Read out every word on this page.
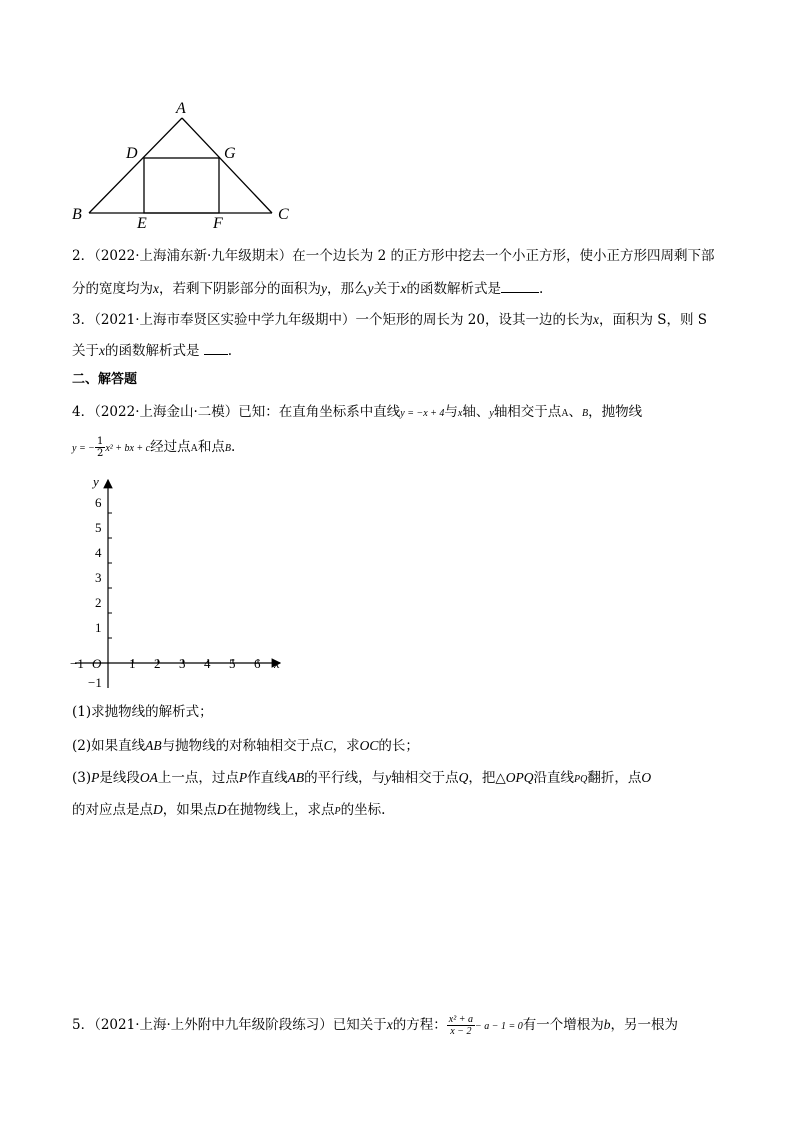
A
D	G
B
E	F
C
2．（2022·上海浦东新·九年级期末）在一个边长为 2 的正方形中挖去一个小正方形，使小正方形四周剩下部
分的宽度均为x，若剩下阴影部分的面积为y，那么y关于x的函数解析式是	.
3．（2021·上海市奉贤区实验中学九年级期中）一个矩形的周长为 20，设其一边的长为x，面积为 S，则 S
关于x的函数解析式是 .
二、解答题
4．（2022·上海金山·二模）已知：在直角坐标系中直线y = −x + 4与x轴、y轴相交于点A、B，抛物线
y = − $\frac{1}{2} x^2$ + bx + c经过点A和点B.
y
6
5
4
3
2
1
−1
−1 O 1 2 3 4 5 6 x
(1)求抛物线的解析式；
(2)如果直线AB与抛物线的对称轴相交于点C，求OC的长；
(3)P是线段OA上一点，过点P作直线AB的平行线，与y轴相交于点Q，把△OPQ沿直线PQ翻折，点O
的对应点是点D，如果点D在抛物线上，求点P的坐标.
5．（2021·上海·上外附中九年级阶段练习）已知关于x的方程： $\frac{\text{x² + a}}{x - 2} - a - 1 = 0$有一个增根为b，另一根为
